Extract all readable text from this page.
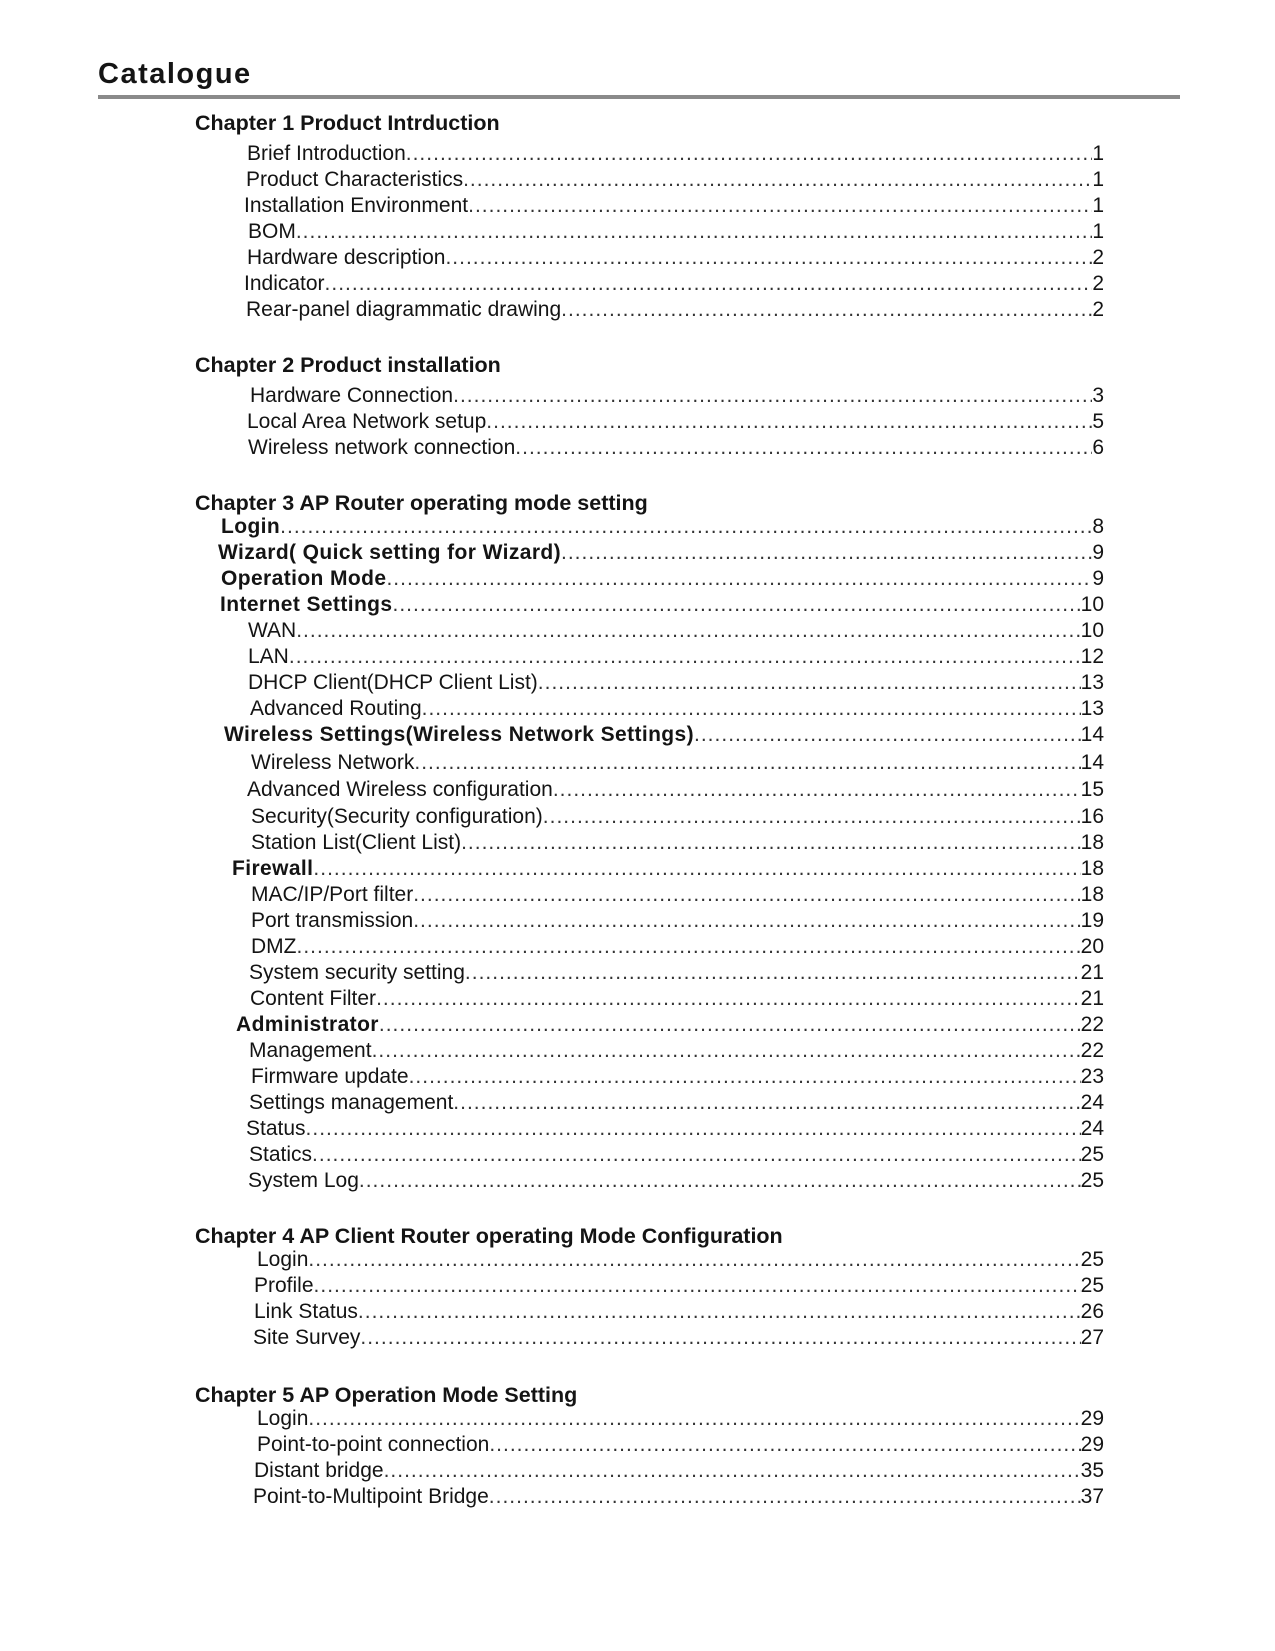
Catalogue
Chapter 1 Product Intrduction
Brief Introduction .....	1
Product Characteristics .....	1
Installation Environment .....	1
BOM .....	1
Hardware description .....	2
Indicator .....	2
Rear-panel diagrammatic drawing .....	2
Chapter 2 Product installation
Hardware Connection .....	3
Local Area Network setup .....	5
Wireless network connection .....	6
Chapter 3 AP Router operating mode setting
Login .....	8
Wizard( Quick setting for Wizard) .....	9
Operation Mode .....	9
Internet Settings .....	10
WAN .....	10
LAN .....	12
DHCP Client(DHCP Client List) .....	13
Advanced Routing .....	13
Wireless Settings(Wireless Network Settings) .....	14
Wireless Network .....	14
Advanced Wireless configuration .....	15
Security(Security configuration) .....	16
Station List(Client List) .....	18
Firewall .....	18
MAC/IP/Port filter .....	18
Port transmission .....	19
DMZ .....	20
System security setting .....	21
Content Filter .....	21
Administrator .....	22
Management .....	22
Firmware update .....	23
Settings management .....	24
Status .....	24
Statics .....	25
System Log .....	25
Chapter 4 AP Client Router operating Mode Configuration
Login .....	25
Profile .....	25
Link Status .....	26
Site Survey .....	27
Chapter 5 AP Operation Mode Setting
Login .....	29
Point-to-point connection .....	29
Distant bridge .....	35
Point-to-Multipoint Bridge .....	37
